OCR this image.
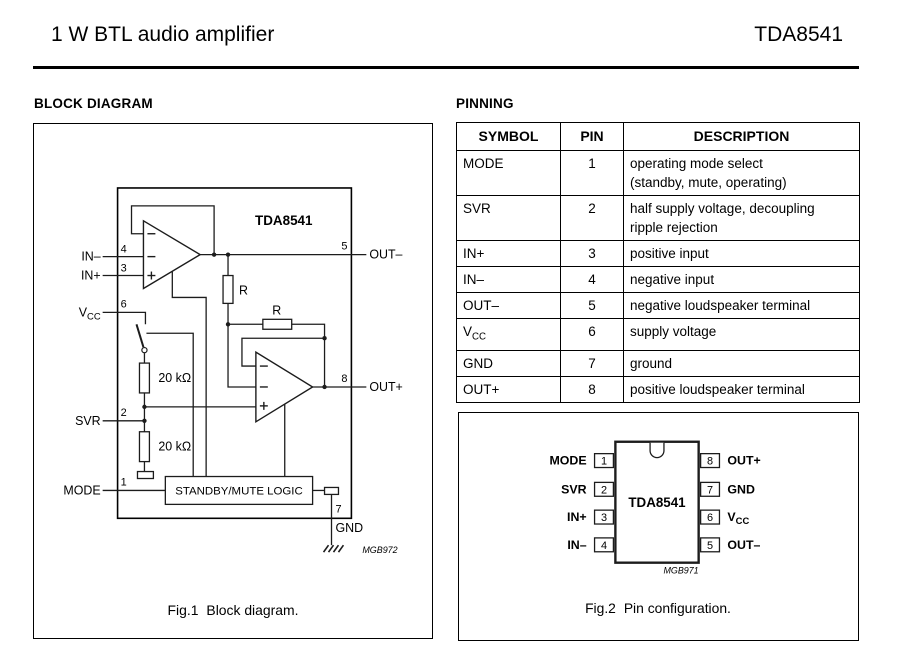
1 W BTL audio amplifier	TDA8541
BLOCK DIAGRAM	PINNING
TDA8541
IN–
IN+
4
3
$V_{CC}$
6
20 kΩ
SVR
2
20 kΩ
MODE
1
R
R
5
OUT–
8
OUT+
STANDBY/MUTE LOGIC
7
GND
MGB972
Fig.1 Block diagram.
SYMBOL	PIN	DESCRIPTION
MODE	1	operating mode select
(standby, mute, operating)

SVR	2	half supply voltage, decoupling
ripple rejection

IN+	3	positive input

IN–	4	negative input

OUT–	5	negative loudspeaker terminal

$V_{CC}$	6	supply voltage

GND	7	ground

OUT+	8	positive loudspeaker terminal
TDA8541
1
2
3
4
MODE
SVR
IN+
IN–
8
7
6
5
OUT+
GND
$V_{CC}$
OUT–
MGB971
Fig.2 Pin configuration.
